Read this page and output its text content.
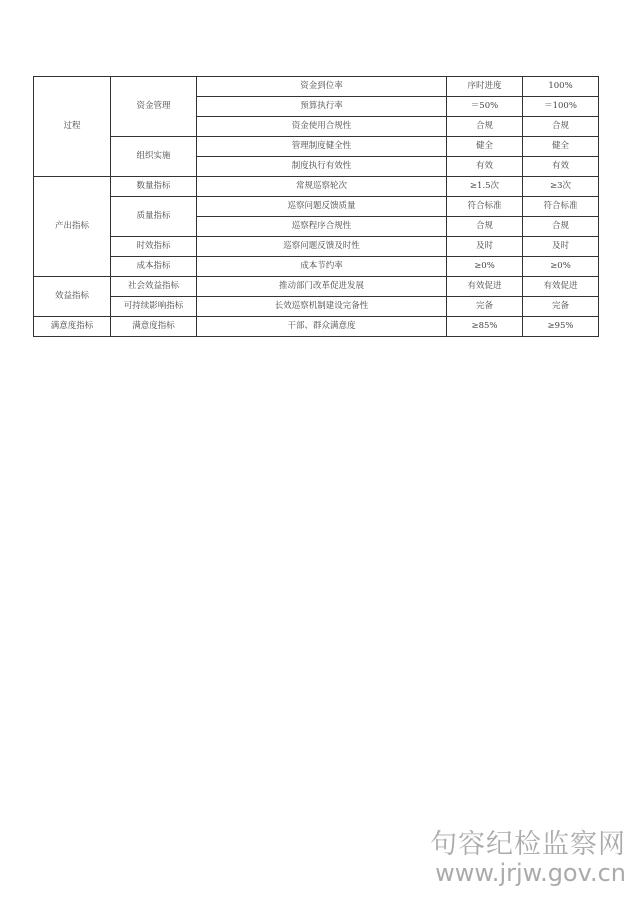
过程	资金管理	资金到位率	序时进度	100%
		预算执行率	＝50%	＝100%
		资金使用合规性	合规	合规
	组织实施	管理制度健全性	健全	健全
		制度执行有效性	有效	有效
产出指标	数量指标	常规巡察轮次	≥1.5次	≥3次
	质量指标	巡察问题反馈质量	符合标准	符合标准
		巡察程序合规性	合规	合规
	时效指标	巡察问题反馈及时性	及时	及时
	成本指标	成本节约率	≥0%	≥0%
效益指标	社会效益指标	推动部门改革促进发展	有效促进	有效促进
	可持续影响指标	长效巡察机制建设完备性	完备	完备
满意度指标	满意度指标	干部、群众满意度	≥85%	≥95%
句容纪检监察网
www.jrjw.gov.cn
